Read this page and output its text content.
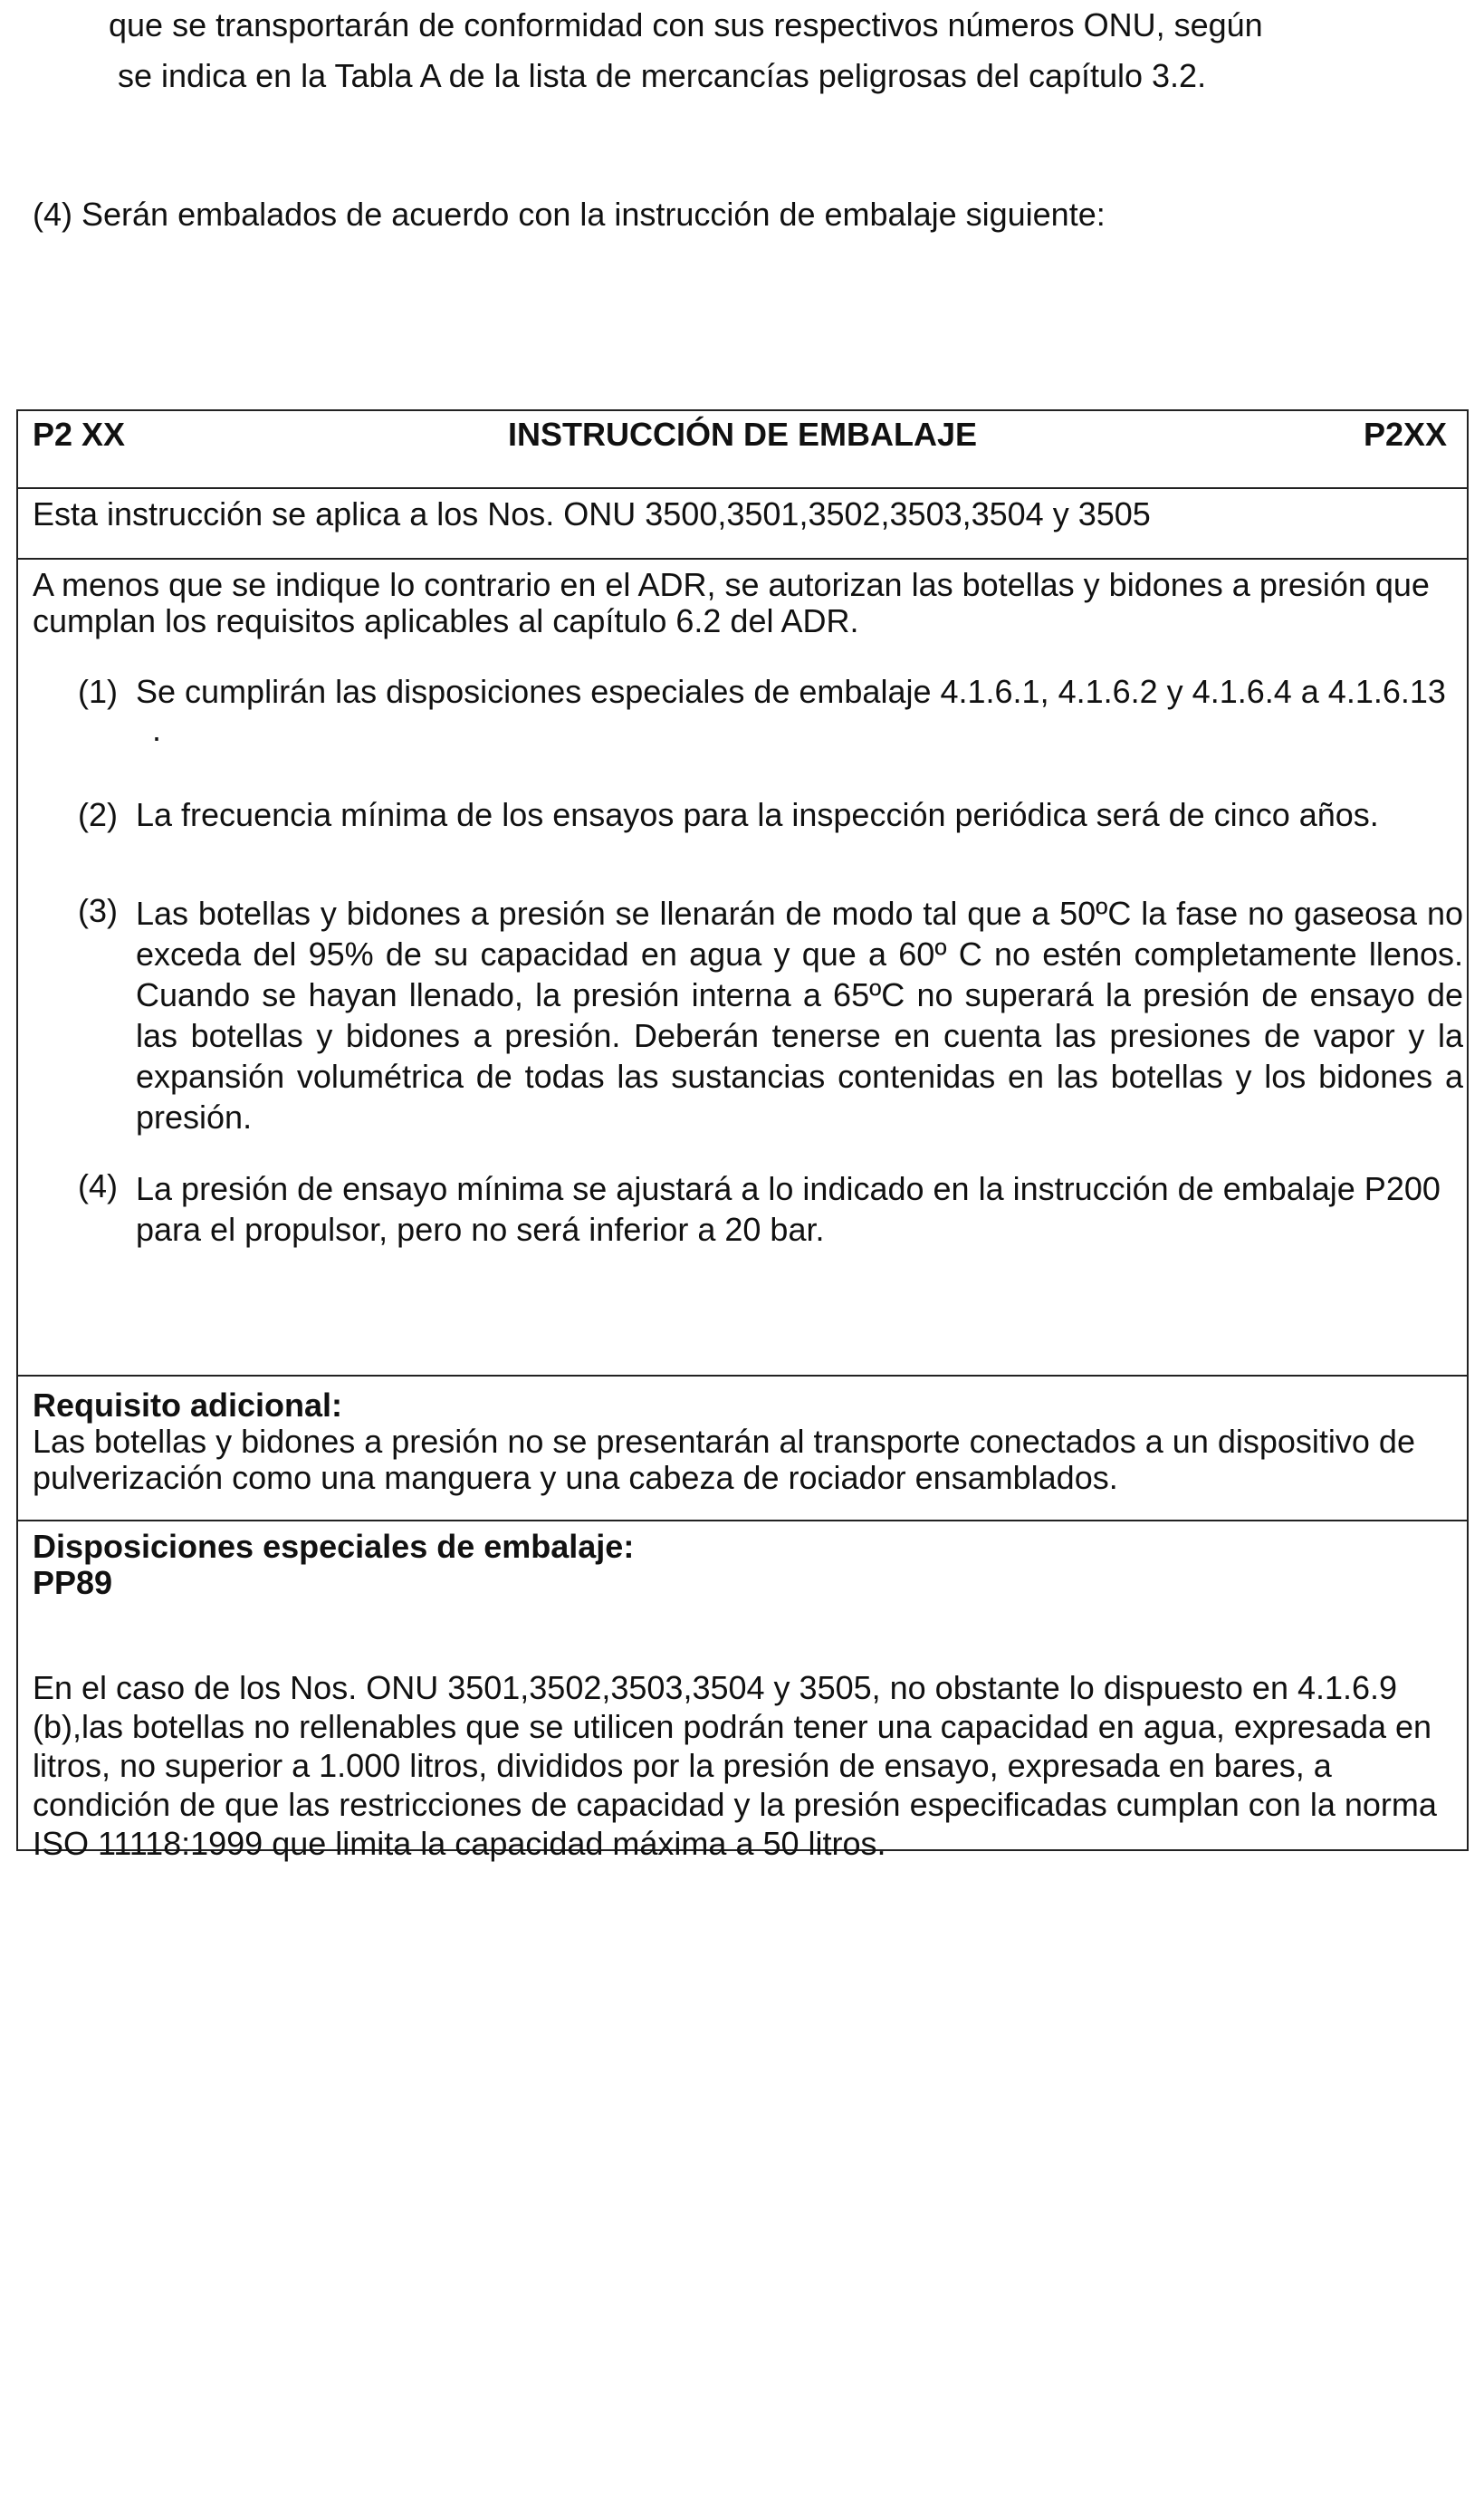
que se transportarán de conformidad con sus respectivos números ONU, según

se indica en la Tabla A de la lista de mercancías peligrosas del capítulo 3.2.

(4) Serán embalados de acuerdo con la instrucción de embalaje siguiente:

P2 XX	INSTRUCCIÓN DE EMBALAJE	P2XX
Esta instrucción se aplica a los Nos. ONU 3500,3501,3502,3503,3504 y 3505
A menos que se indique lo contrario en el ADR, se autorizan las botellas y bidones a presión que
cumplan los requisitos aplicables al capítulo 6.2 del ADR.
(1) Se cumplirán las disposiciones especiales de embalaje 4.1.6.1, 4.1.6.2 y 4.1.6.4 a 4.1.6.13
.
(2) La frecuencia mínima de los ensayos para la inspección periódica será de cinco años.
(3) Las botellas y bidones a presión se llenarán de modo tal que a 50ºC la fase no gaseosa no exceda del 95% de su capacidad en agua y que a 60º C no estén completamente llenos. Cuando se hayan llenado, la presión interna a 65ºC no superará la presión de ensayo de las botellas y bidones a presión. Deberán tenerse en cuenta las presiones de vapor y la expansión volumétrica de todas las sustancias contenidas en las botellas y los bidones a presión.
(4) La presión de ensayo mínima se ajustará a lo indicado en la instrucción de embalaje P200 para el propulsor, pero no será inferior a 20 bar.
Requisito adicional:
Las botellas y bidones a presión no se presentarán al transporte conectados a un dispositivo de pulverización como una manguera y una cabeza de rociador ensamblados.
Disposiciones especiales de embalaje:
PP89
En el caso de los Nos. ONU 3501,3502,3503,3504 y 3505, no obstante lo dispuesto en 4.1.6.9 (b),las botellas no rellenables que se utilicen podrán tener una capacidad en agua, expresada en litros, no superior a 1.000 litros, divididos por la presión de ensayo, expresada en bares, a condición de que las restricciones de capacidad y la presión especificadas cumplan con la norma ISO 11118:1999 que limita la capacidad máxima a 50 litros.
